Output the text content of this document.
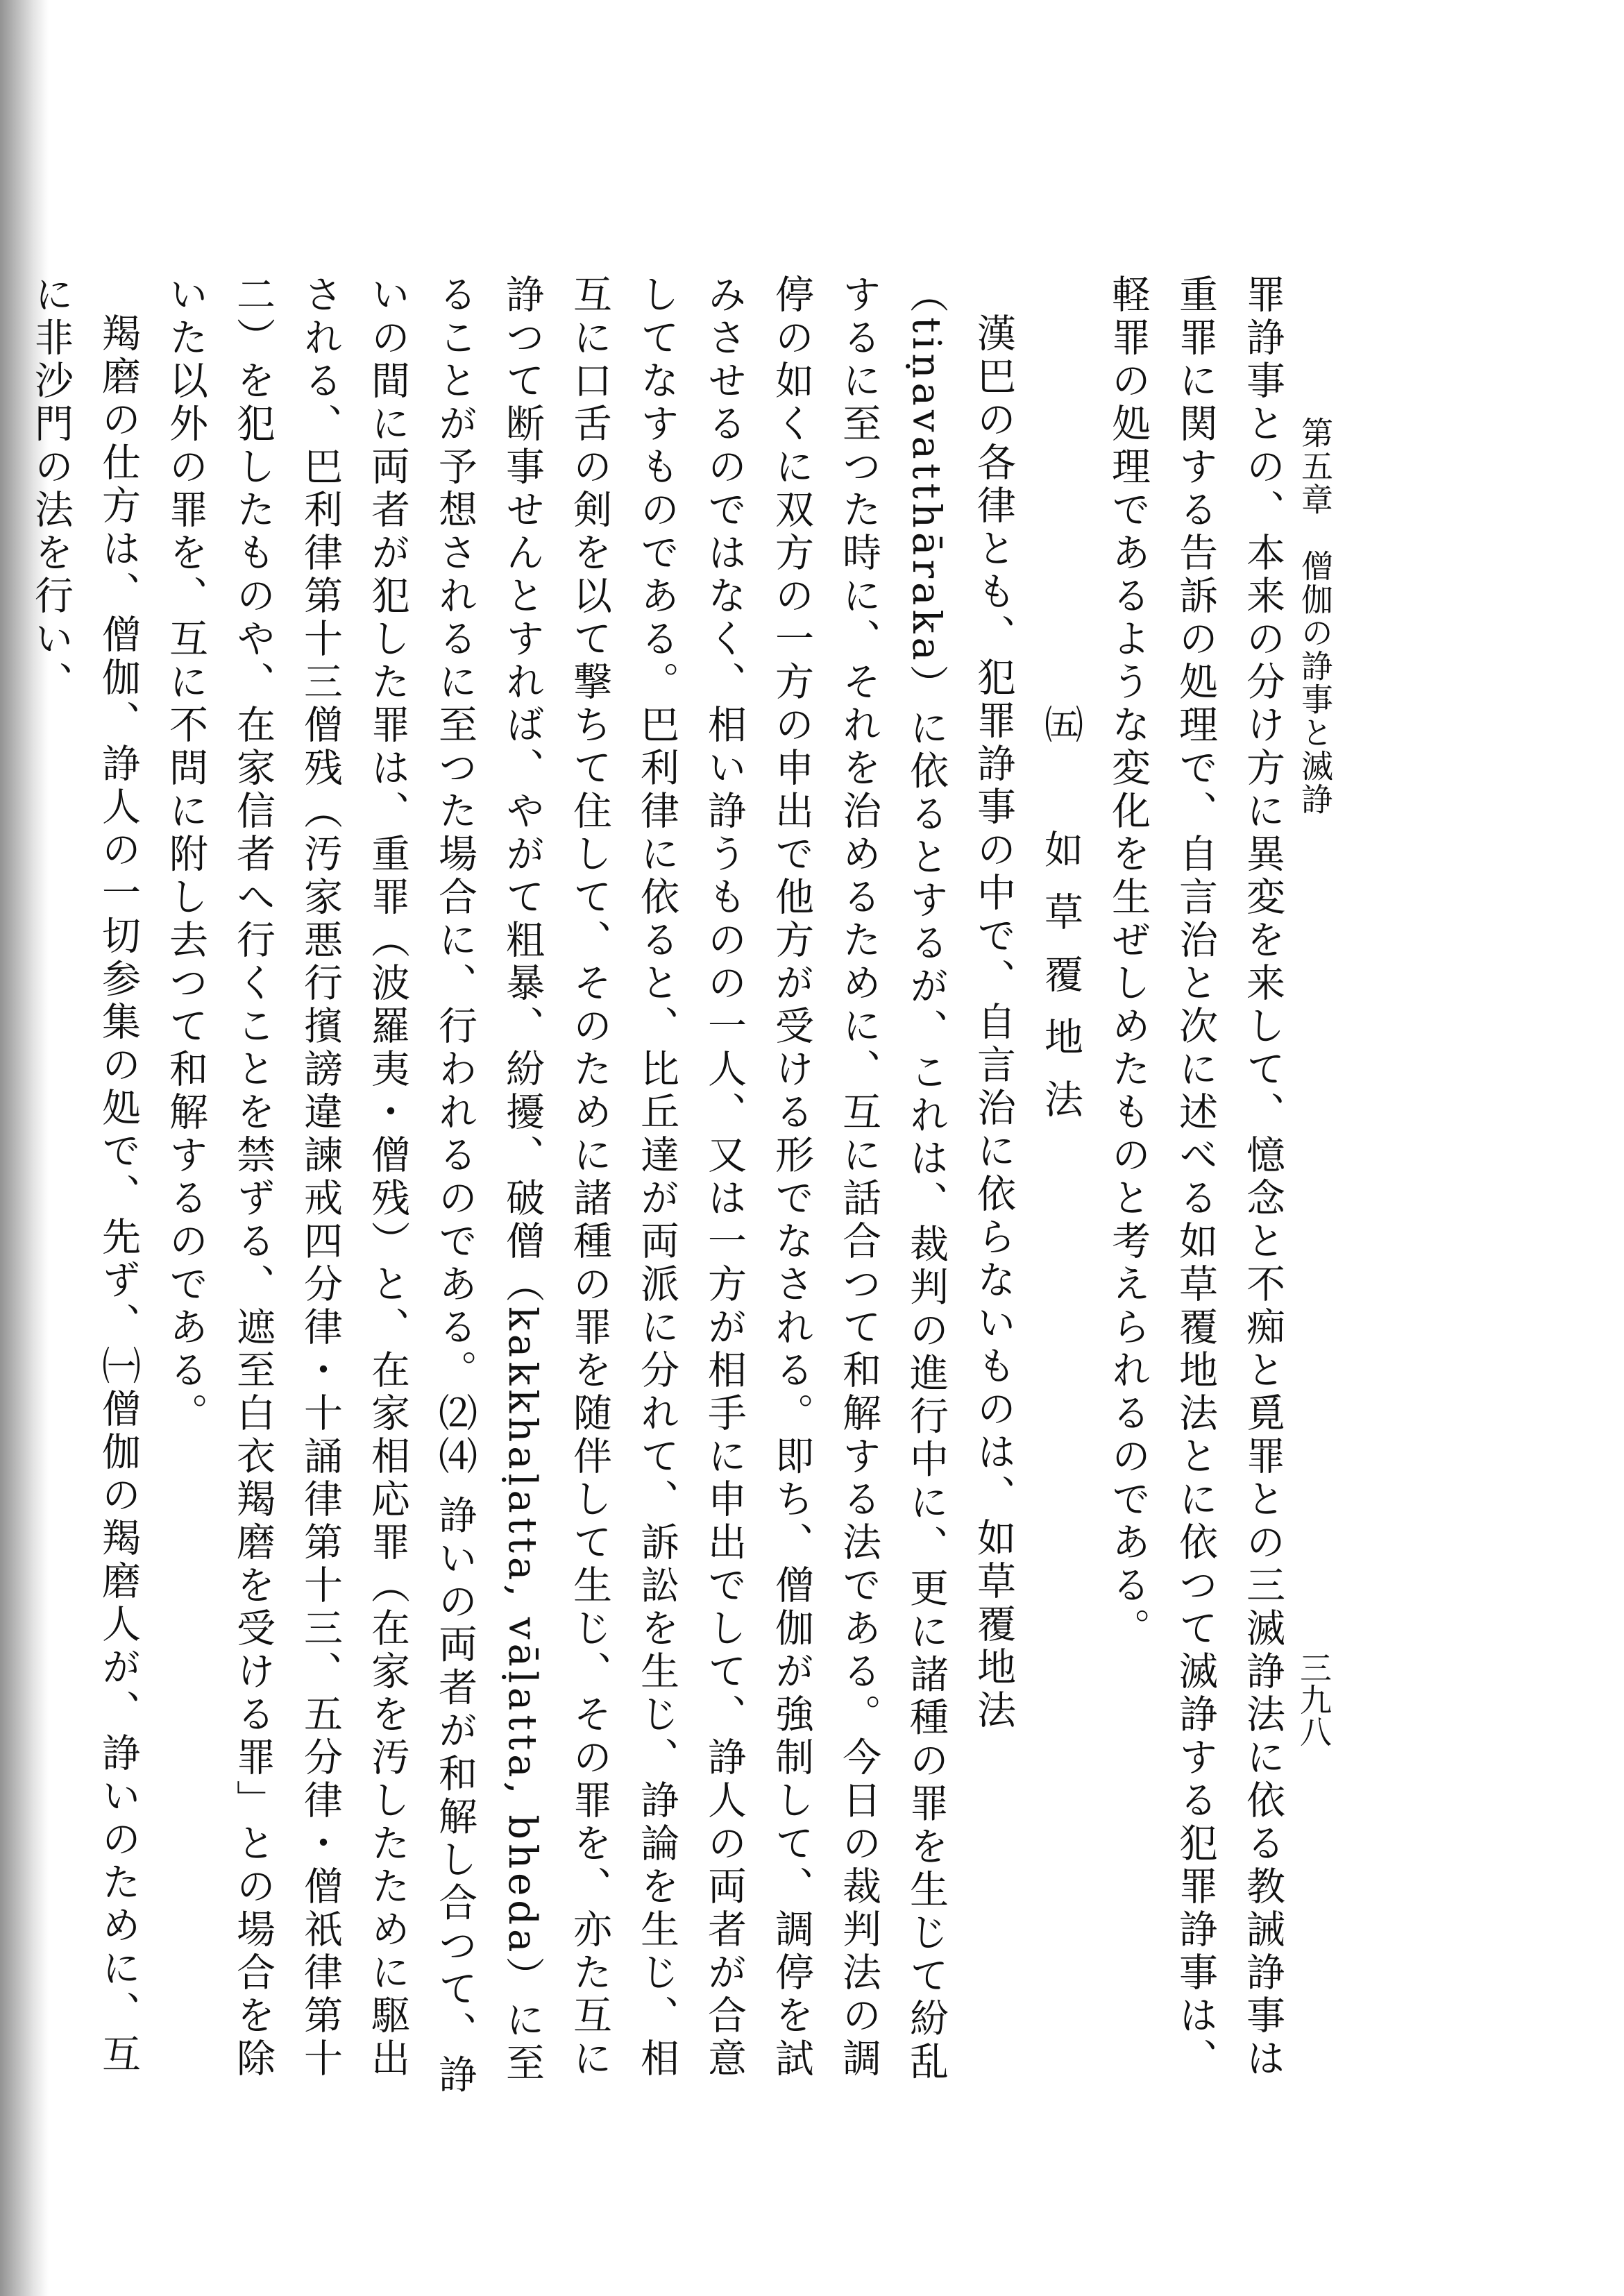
三九八
第五章　僧伽の諍事と滅諍

罪諍事との、本来の分け方に異変を来して、憶念と不痴と覓罪との三滅諍法に依る教誡諍事は重罪に関する告訴の処理で、自言治と次に述べる如草覆地法とに依つて滅諍する犯罪諍事は、軽罪の処理であるような変化を生ぜしめたものと考えられるのである。

㈤　如草覆地法

漢巴の各律とも、犯罪諍事の中で、自言治に依らないものは、如草覆地法（tiṇavatthāraka）に依るとするが、これは、裁判の進行中に、更に諸種の罪を生じて紛乱するに至つた時に、それを治めるために、互に話合つて和解する法である。今日の裁判法の調停の如くに双方の一方の申出で他方が受ける形でなされる。即ち、僧伽が強制して、調停を試みさせるのではなく、相い諍うものの一人、又は一方が相手に申出でして、諍人の両者が合意してなすものである。巴利律に依ると、比丘達が両派に分れて、訴訟を生じ、諍論を生じ、相互に口舌の剣を以て撃ちて住して、そのために諸種の罪を随伴して生じ、その罪を、亦た互に諍つて断事せんとすれば、やがて粗暴、紛擾、破僧（kakkhaḷatta, vāḷatta, bheda）に至ることが予想されるに至つた場合に、行われるのである。⑵⑷ 諍いの両者が和解し合つて、諍いの間に両者が犯した罪は、重罪（波羅夷・僧残）と、在家相応罪（在家を汚したために駆出される、巴利律第十三僧残（汚家悪行擯謗違諫戒四分律・十誦律第十三、五分律・僧祇律第十二）を犯したものや、在家信者へ行くことを禁ずる、遮至白衣羯磨を受ける罪」との場合を除いた以外の罪を、互に不問に附し去つて和解するのである。

羯磨の仕方は、僧伽、諍人の一切参集の処で、先ず、㈠僧伽の羯磨人が、諍いのために、互に非沙門の法を行い、
